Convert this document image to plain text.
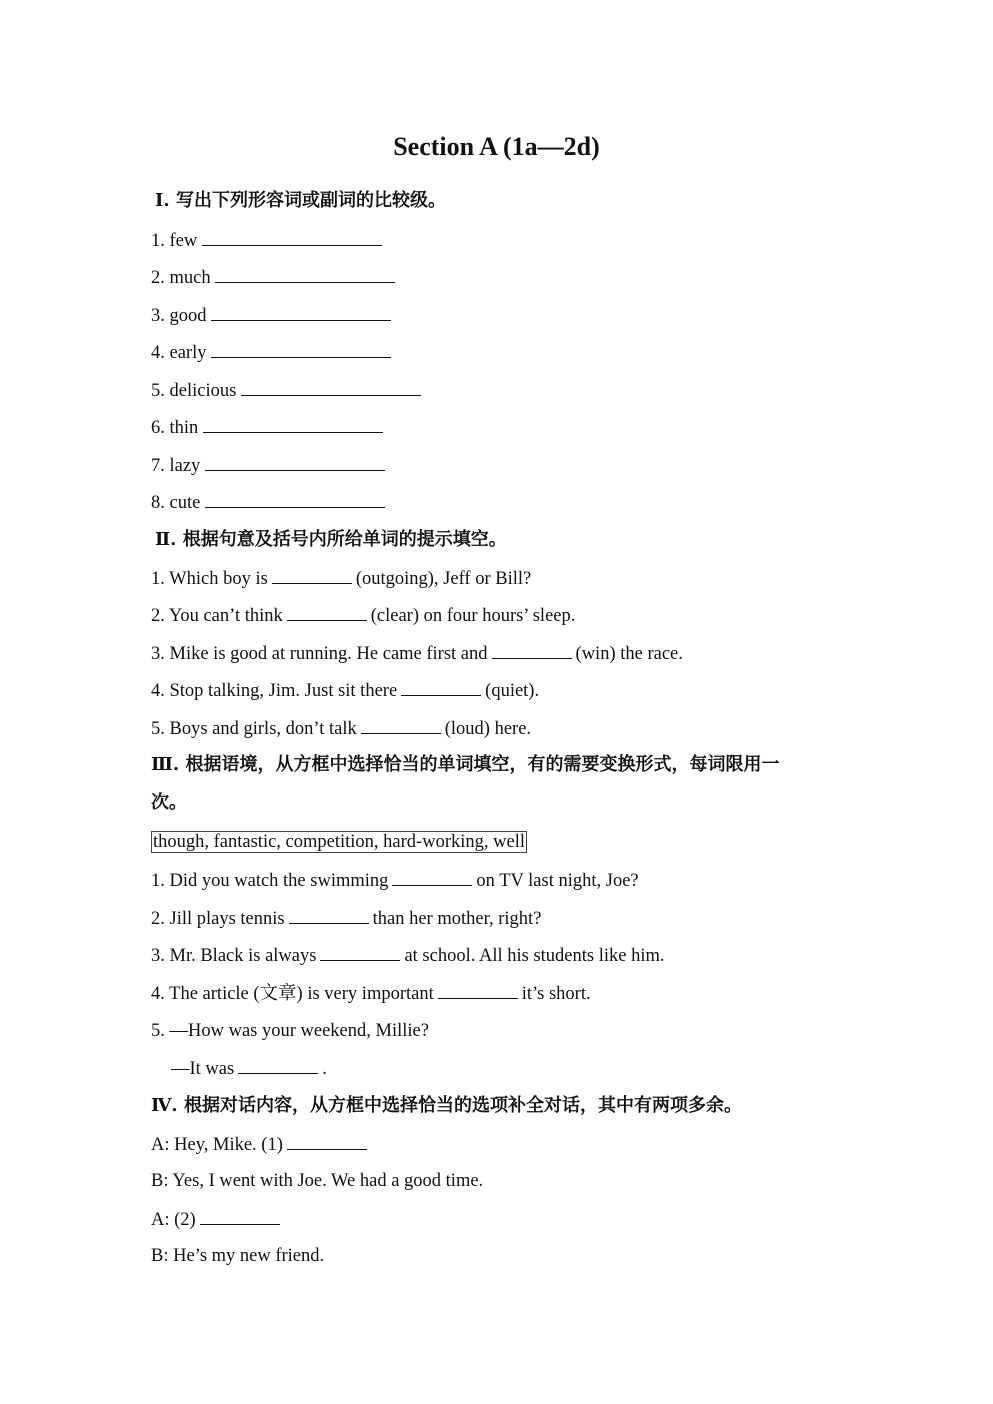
Section A (1a—2d)
Ⅰ. 写出下列形容词或副词的比较级。
1. few
2. much
3. good
4. early
5. delicious
6. thin
7. lazy
8. cute
Ⅱ. 根据句意及括号内所给单词的提示填空。
1. Which boy is	(outgoing), Jeff or Bill?
2. You can’t think	(clear) on four hours’ sleep.
3. Mike is good at running. He came first and	(win) the race.
4. Stop talking, Jim. Just sit there	(quiet).
5. Boys and girls, don’t talk	(loud) here.
Ⅲ. 根据语境，从方框中选择恰当的单词填空，有的需要变换形式，每词限用一
次。
though, fantastic, competition, hard-working, well
1. Did you watch the swimming	on TV last night, Joe?
2. Jill plays tennis	than her mother, right?
3. Mr. Black is always	at school. All his students like him.
4. The article (文章) is very important	it’s short.
5. —How was your weekend, Millie?
—It was	.
Ⅳ. 根据对话内容，从方框中选择恰当的选项补全对话，其中有两项多余。
A: Hey, Mike. (1)
B: Yes, I went with Joe. We had a good time.
A: (2)
B: He’s my new friend.
